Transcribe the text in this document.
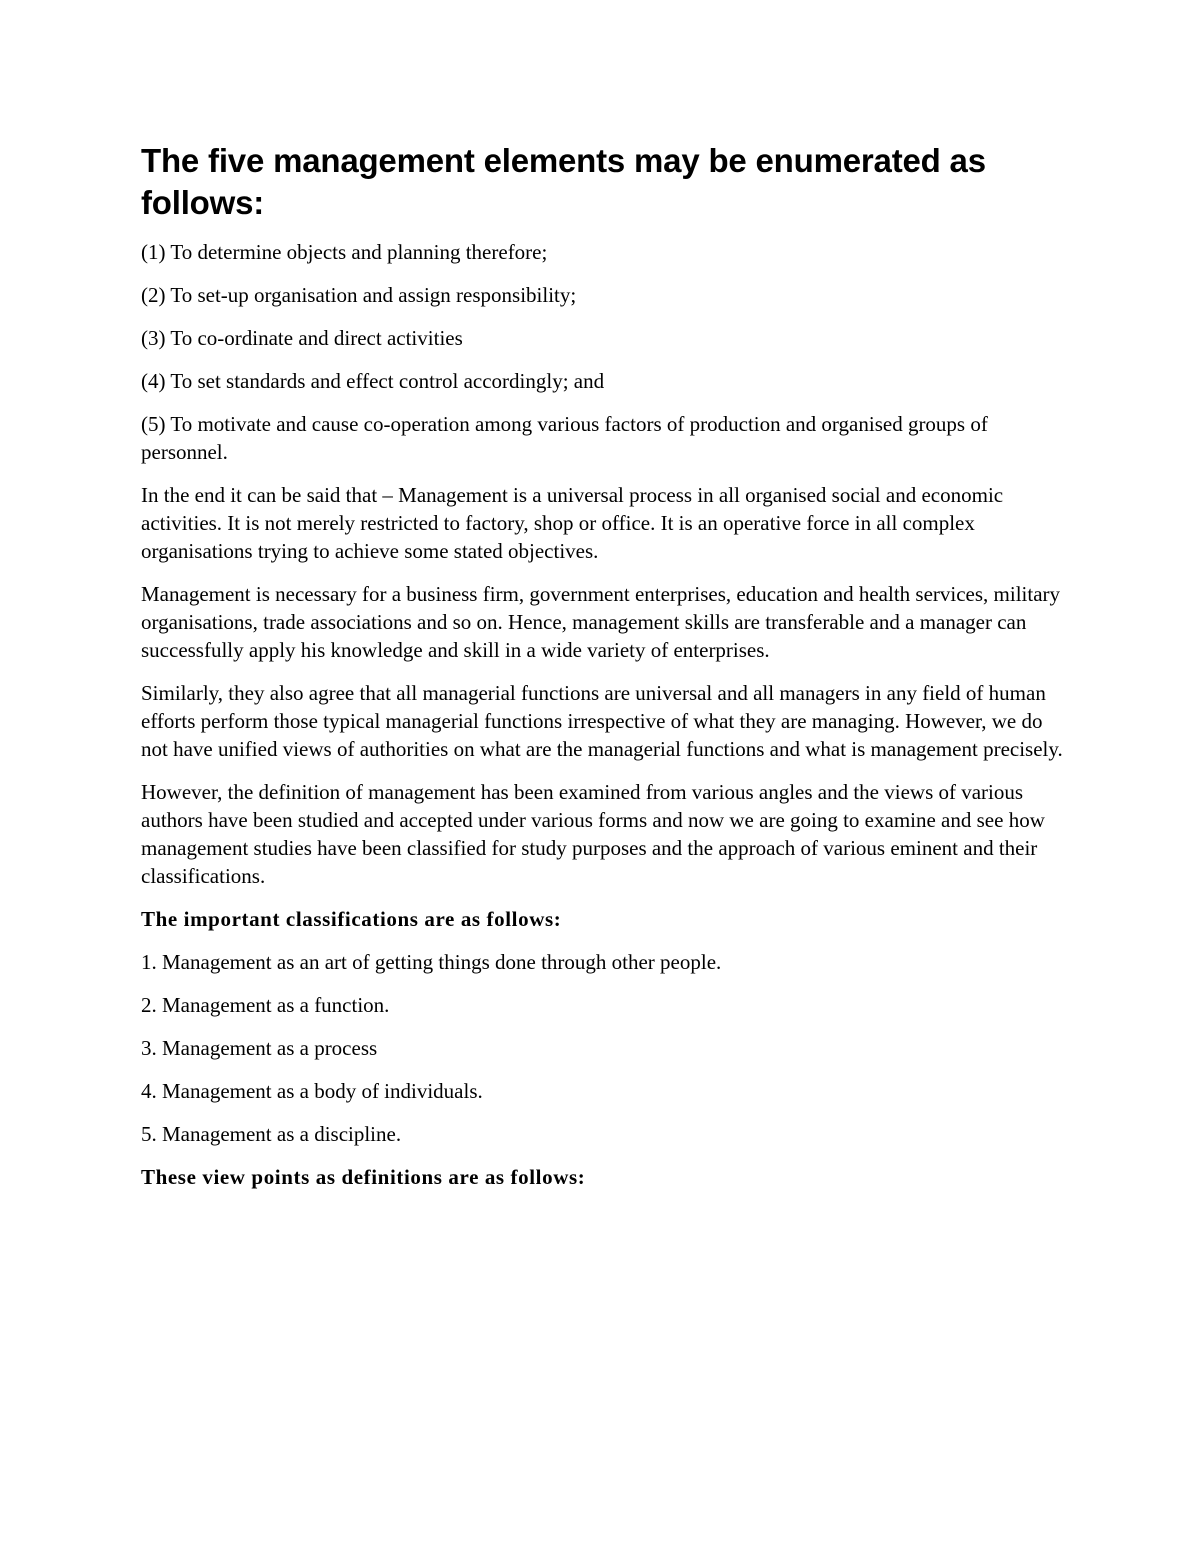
The five management elements may be enumerated as follows:
(1) To determine objects and planning therefore;
(2) To set-up organisation and assign responsibility;
(3) To co-ordinate and direct activities
(4) To set standards and effect control accordingly; and
(5) To motivate and cause co-operation among various factors of production and organised groups of personnel.

In the end it can be said that – Management is a universal process in all organised social and economic activities. It is not merely restricted to factory, shop or office. It is an operative force in all complex organisations trying to achieve some stated objectives.

Management is necessary for a business firm, government enterprises, education and health services, military organisations, trade associations and so on. Hence, management skills are transferable and a manager can successfully apply his knowledge and skill in a wide variety of enterprises.

Similarly, they also agree that all managerial functions are universal and all managers in any field of human efforts perform those typical managerial functions irrespective of what they are managing. However, we do not have unified views of authorities on what are the managerial functions and what is management precisely.

However, the definition of management has been examined from various angles and the views of various authors have been studied and accepted under various forms and now we are going to examine and see how management studies have been classified for study purposes and the approach of various eminent and their classifications.

The important classifications are as follows:

1. Management as an art of getting things done through other people.
2. Management as a function.
3. Management as a process
4. Management as a body of individuals.
5. Management as a discipline.

These view points as definitions are as follows:
